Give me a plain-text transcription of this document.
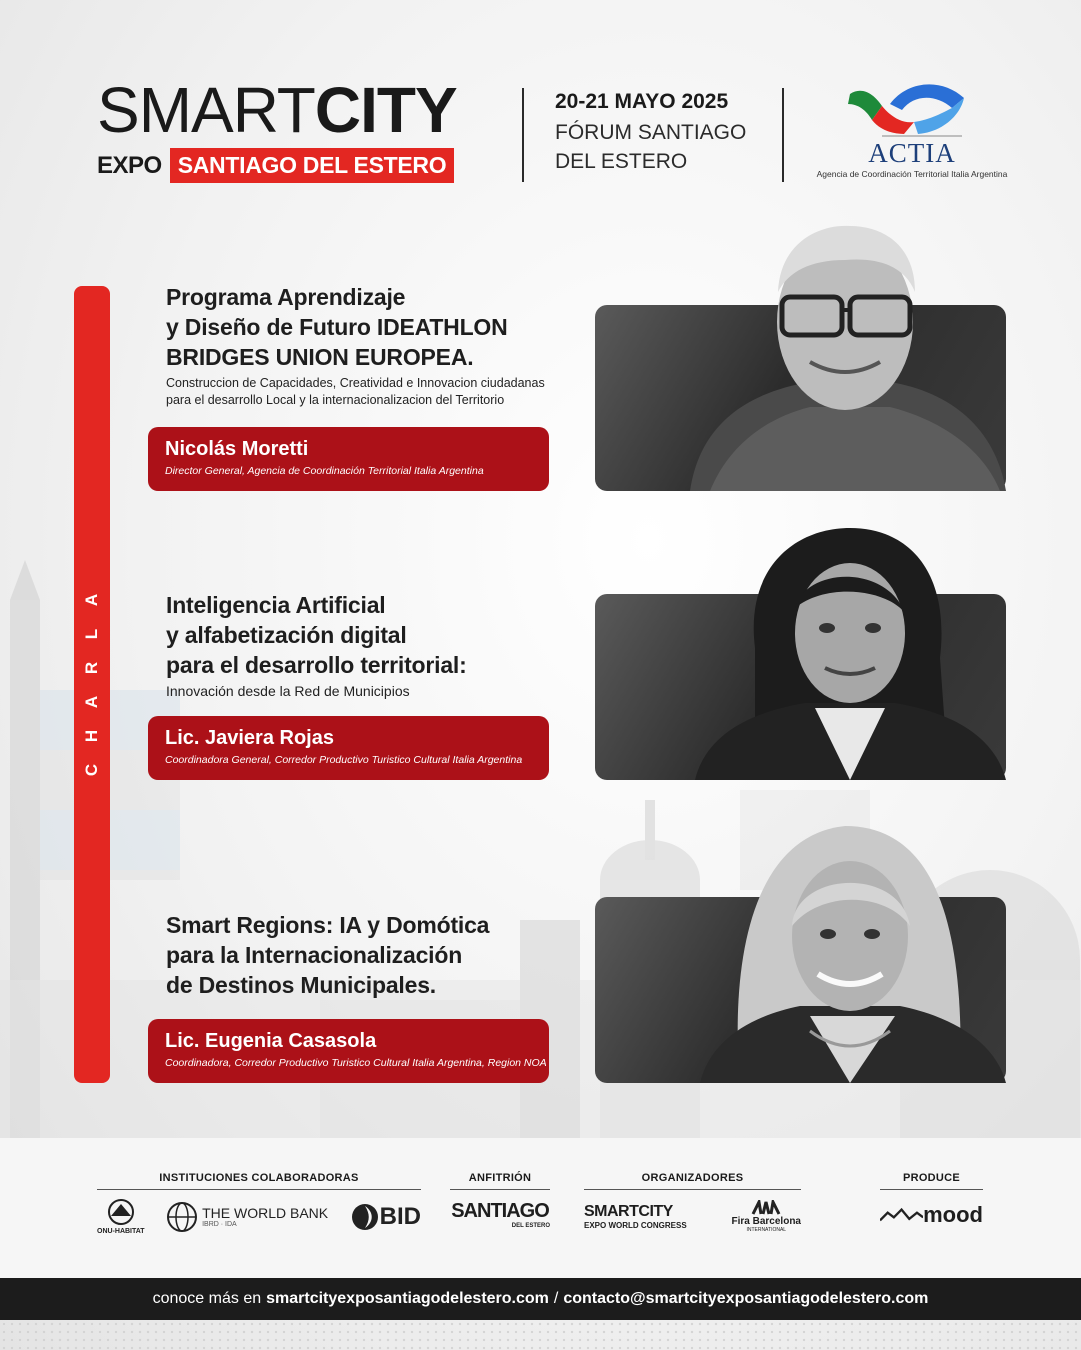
SMARTCITY
EXPO SANTIAGO DEL ESTERO
20-21 MAYO 2025
FÓRUM SANTIAGO
DEL ESTERO	ACTIA
Agencia de Coordinación Territorial Italia Argentina
A
L
R
A
H
C
Programa Aprendizaje
y Diseño de Futuro IDEATHLON
BRIDGES UNION EUROPEA.
Construccion de Capacidades, Creatividad e Innovacion ciudadanas
para el desarrollo Local y la internacionalizacion del Territorio
Nicolás Moretti
Director General, Agencia de Coordinación Territorial Italia Argentina
Inteligencia Artificial
y alfabetización digital
para el desarrollo territorial:
Innovación desde la Red de Municipios
Lic. Javiera Rojas
Coordinadora General, Corredor Productivo Turistico Cultural Italia Argentina
Smart Regions: IA y Domótica
para la Internacionalización
de Destinos Municipales.
Lic. Eugenia Casasola
Coordinadora, Corredor Productivo Turistico Cultural Italia Argentina, Region NOA
INSTITUCIONES COLABORADORAS
ONU-HABITAT
THE WORLD BANK
IBRD · IDA	BID
ANFITRIÓN
SANTIAGO
DEL ESTERO
ORGANIZADORES
SMARTCITY
EXPO WORLD CONGRESS	Fira Barcelona
INTERNATIONAL
PRODUCE
mood
conoce más en smartcityexposantiagodelestero.com / contacto@smartcityexposantiagodelestero.com
